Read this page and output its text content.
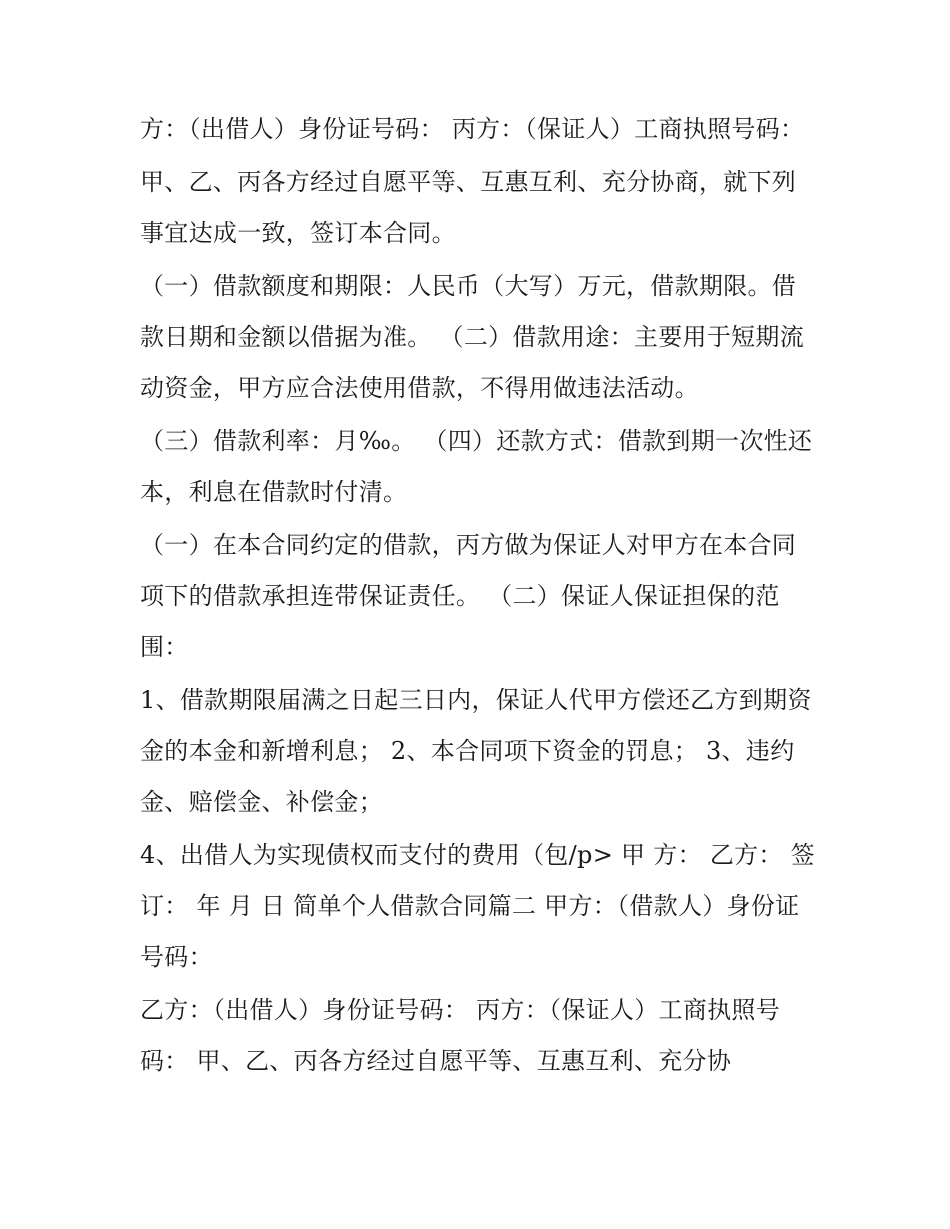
方：（出借人）身份证号码： 丙方：（保证人）工商执照号码：

甲、乙、丙各方经过自愿平等、互惠互利、充分协商，就下列事宜达成一致，签订本合同。

（一）借款额度和期限：人民币（大写）万元，借款期限。借款日期和金额以借据为准。 （二）借款用途：主要用于短期流动资金，甲方应合法使用借款，不得用做违法活动。

（三）借款利率：月‰。 （四）还款方式：借款到期一次性还本，利息在借款时付清。

（一）在本合同约定的借款，丙方做为保证人对甲方在本合同项下的借款承担连带保证责任。 （二）保证人保证担保的范围：

1、借款期限届满之日起三日内，保证人代甲方偿还乙方到期资金的本金和新增利息； 2、本合同项下资金的罚息； 3、违约金、赔偿金、补偿金；

4、出借人为实现债权而支付的费用（包/p> 甲 方： 乙方： 签订： 年 月 日 简单个人借款合同篇二 甲方：（借款人）身份证号码：

乙方：（出借人）身份证号码： 丙方：（保证人）工商执照号码： 甲、乙、丙各方经过自愿平等、互惠互利、充分协
